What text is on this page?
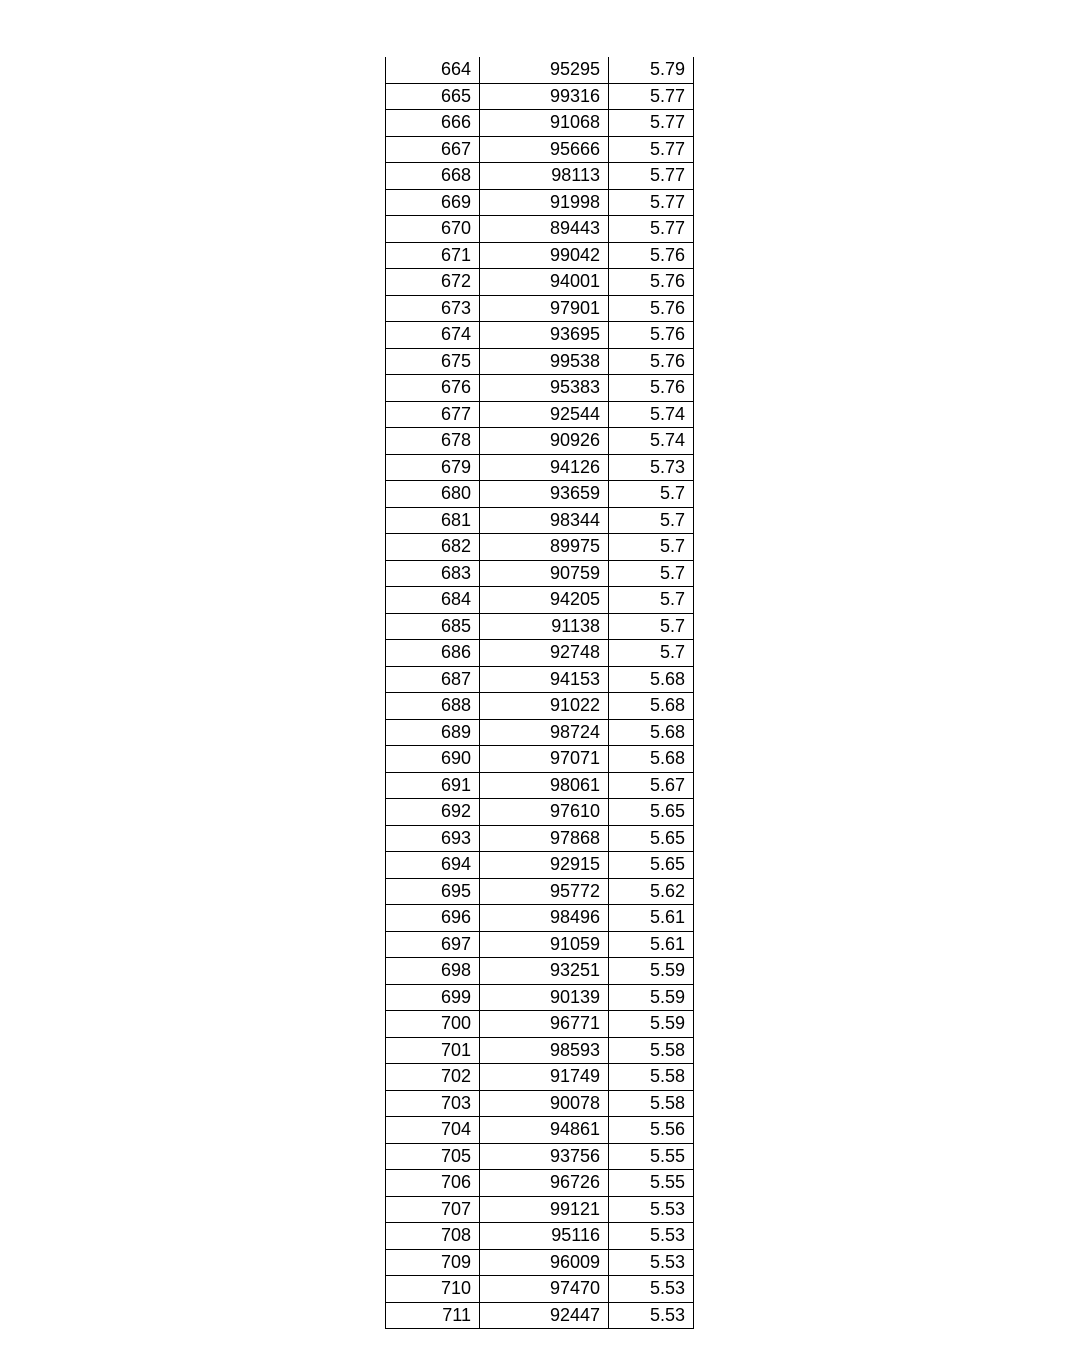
664	95295	5.79
665	99316	5.77
666	91068	5.77
667	95666	5.77
668	98113	5.77
669	91998	5.77
670	89443	5.77
671	99042	5.76
672	94001	5.76
673	97901	5.76
674	93695	5.76
675	99538	5.76
676	95383	5.76
677	92544	5.74
678	90926	5.74
679	94126	5.73
680	93659	5.7
681	98344	5.7
682	89975	5.7
683	90759	5.7
684	94205	5.7
685	91138	5.7
686	92748	5.7
687	94153	5.68
688	91022	5.68
689	98724	5.68
690	97071	5.68
691	98061	5.67
692	97610	5.65
693	97868	5.65
694	92915	5.65
695	95772	5.62
696	98496	5.61
697	91059	5.61
698	93251	5.59
699	90139	5.59
700	96771	5.59
701	98593	5.58
702	91749	5.58
703	90078	5.58
704	94861	5.56
705	93756	5.55
706	96726	5.55
707	99121	5.53
708	95116	5.53
709	96009	5.53
710	97470	5.53
711	92447	5.53
